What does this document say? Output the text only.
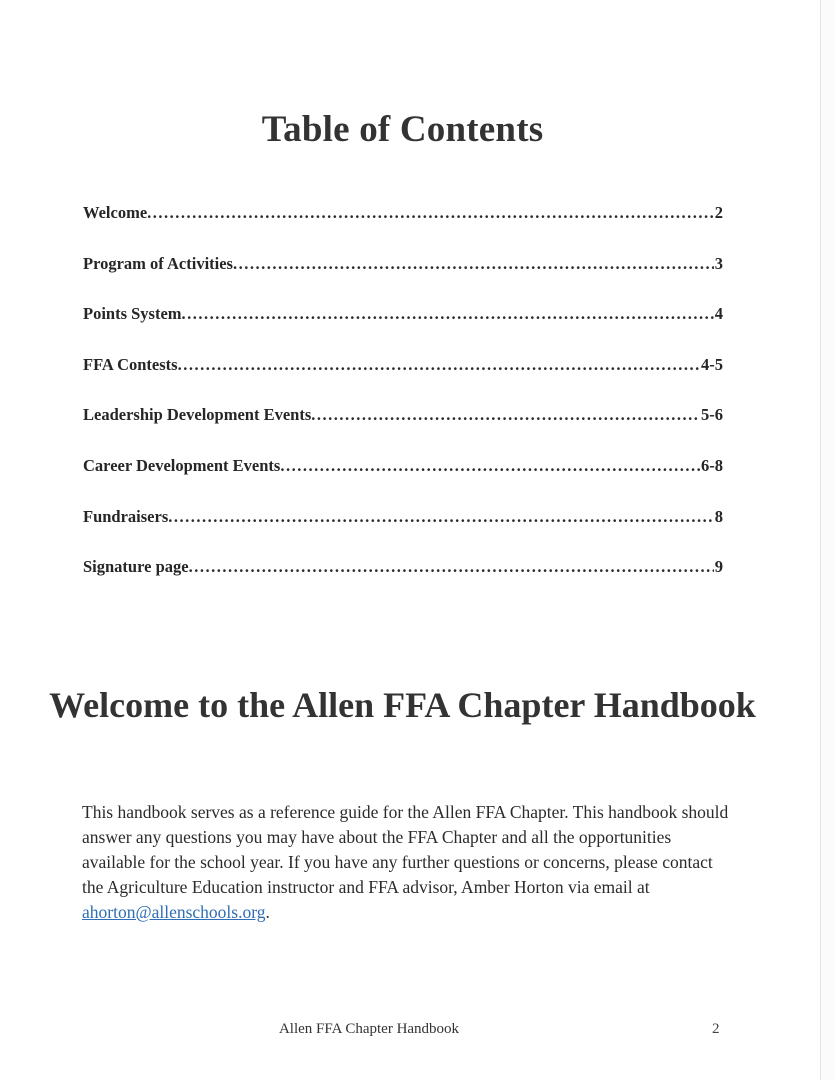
Table of Contents
Welcome .....	2
Program of Activities .....	3
Points System .....	4
FFA Contests .....	4-5
Leadership Development Events .....	5-6
Career Development Events .....	6-8
Fundraisers .....	8
Signature page .....	9
Welcome to the Allen FFA Chapter Handbook

This handbook serves as a reference guide for the Allen FFA Chapter. This handbook should answer any questions you may have about the FFA Chapter and all the opportunities available for the school year. If you have any further questions or concerns, please contact the Agriculture Education instructor and FFA advisor, Amber Horton via email at ahorton@allenschools.org.

Allen FFA Chapter Handbook	2
